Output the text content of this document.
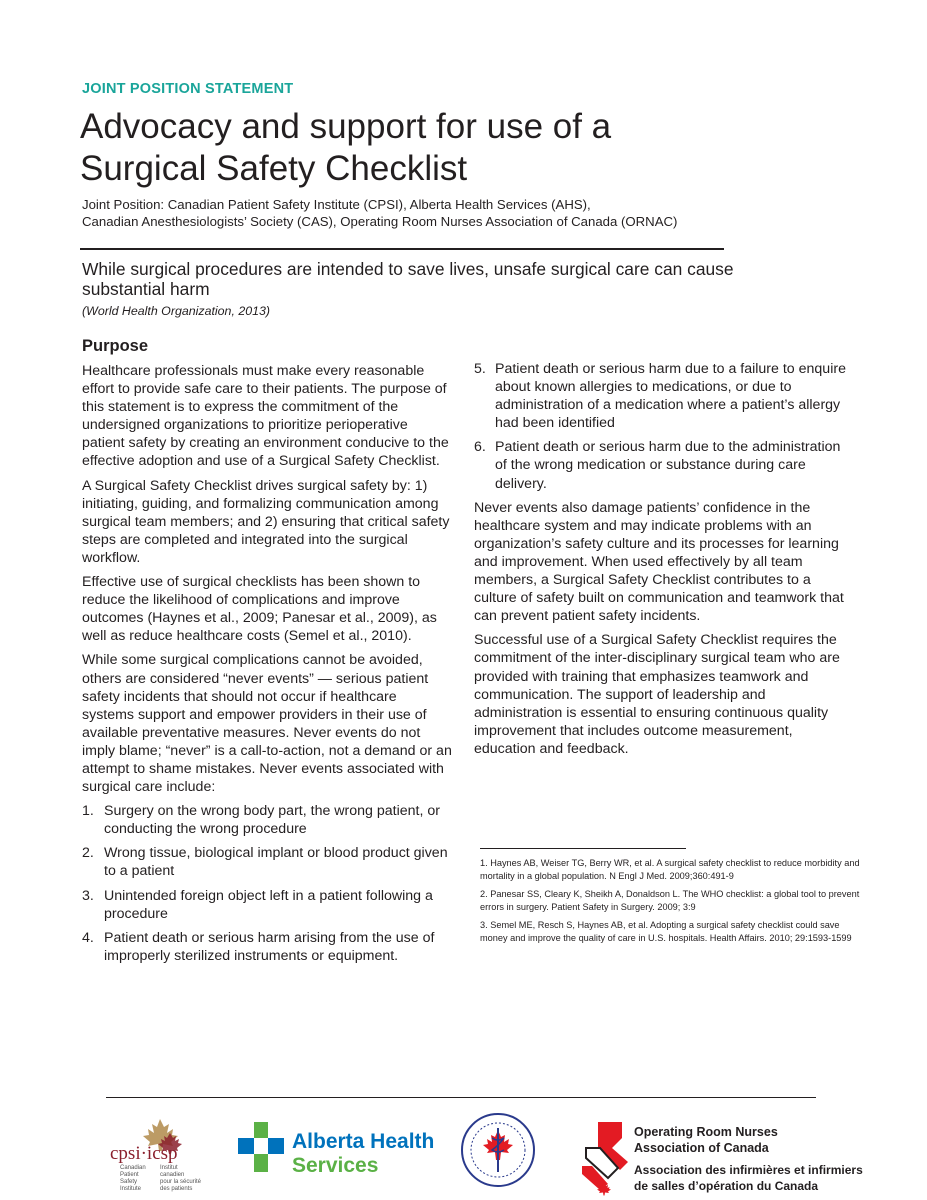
JOINT POSITION STATEMENT
Advocacy and support for use of a
Surgical Safety Checklist
Joint Position: Canadian Patient Safety Institute (CPSI), Alberta Health Services (AHS),
Canadian Anesthesiologists’ Society (CAS), Operating Room Nurses Association of Canada (ORNAC)
While surgical procedures are intended to save lives, unsafe surgical care can cause substantial harm
(World Health Organization, 2013)
Purpose

Healthcare professionals must make every reasonable effort to provide safe care to their patients. The purpose of this statement is to express the commitment of the undersigned organizations to prioritize perioperative patient safety by creating an environment conducive to the effective adoption and use of a Surgical Safety Checklist.

A Surgical Safety Checklist drives surgical safety by: 1) initiating, guiding, and formalizing communication among surgical team members; and 2) ensuring that critical safety steps are completed and integrated into the surgical workflow.

Effective use of surgical checklists has been shown to reduce the likelihood of complications and improve outcomes (Haynes et al., 2009; Panesar et al., 2009), as well as reduce healthcare costs (Semel et al., 2010).

While some surgical complications cannot be avoided, others are considered “never events” — serious patient safety incidents that should not occur if healthcare systems support and empower providers in their use of available preventative measures. Never events do not imply blame; “never” is a call-to-action, not a demand or an attempt to shame mistakes. Never events associated with surgical care include:

1. Surgery on the wrong body part, the wrong patient, or conducting the wrong procedure
2. Wrong tissue, biological implant or blood product given to a patient
3. Unintended foreign object left in a patient following a procedure
4. Patient death or serious harm arising from the use of improperly sterilized instruments or equipment.
5. Patient death or serious harm due to a failure to enquire about known allergies to medications, or due to administration of a medication where a patient’s allergy had been identified
6. Patient death or serious harm due to the administration of the wrong medication or substance during care delivery.

Never events also damage patients’ confidence in the healthcare system and may indicate problems with an organization’s safety culture and its processes for learning and improvement. When used effectively by all team members, a Surgical Safety Checklist contributes to a culture of safety built on communication and teamwork that can prevent patient safety incidents.

Successful use of a Surgical Safety Checklist requires the commitment of the inter-disciplinary surgical team who are provided with training that emphasizes teamwork and communication. The support of leadership and administration is essential to ensuring continuous quality improvement that includes outcome measurement, education and feedback.

1. Haynes AB, Weiser TG, Berry WR, et al. A surgical safety checklist to reduce morbidity and mortality in a global population. N Engl J Med. 2009;360:491-9

2. Panesar SS, Cleary K, Sheikh A, Donaldson L. The WHO checklist: a global tool to prevent errors in surgery. Patient Safety in Surgery. 2009; 3:9

3. Semel ME, Resch S, Haynes AB, et al. Adopting a surgical safety checklist could save money and improve the quality of care in U.S. hospitals. Health Affairs. 2010; 29:1593-1599

cpsi·icsp
Canadian
Patient
Safety
Institute
Institut
canadien
pour la sécurité
des patients
Alberta Health
Services
Operating Room Nurses
Association of Canada
Association des infirmières et infirmiers
de salles d’opération du Canada
